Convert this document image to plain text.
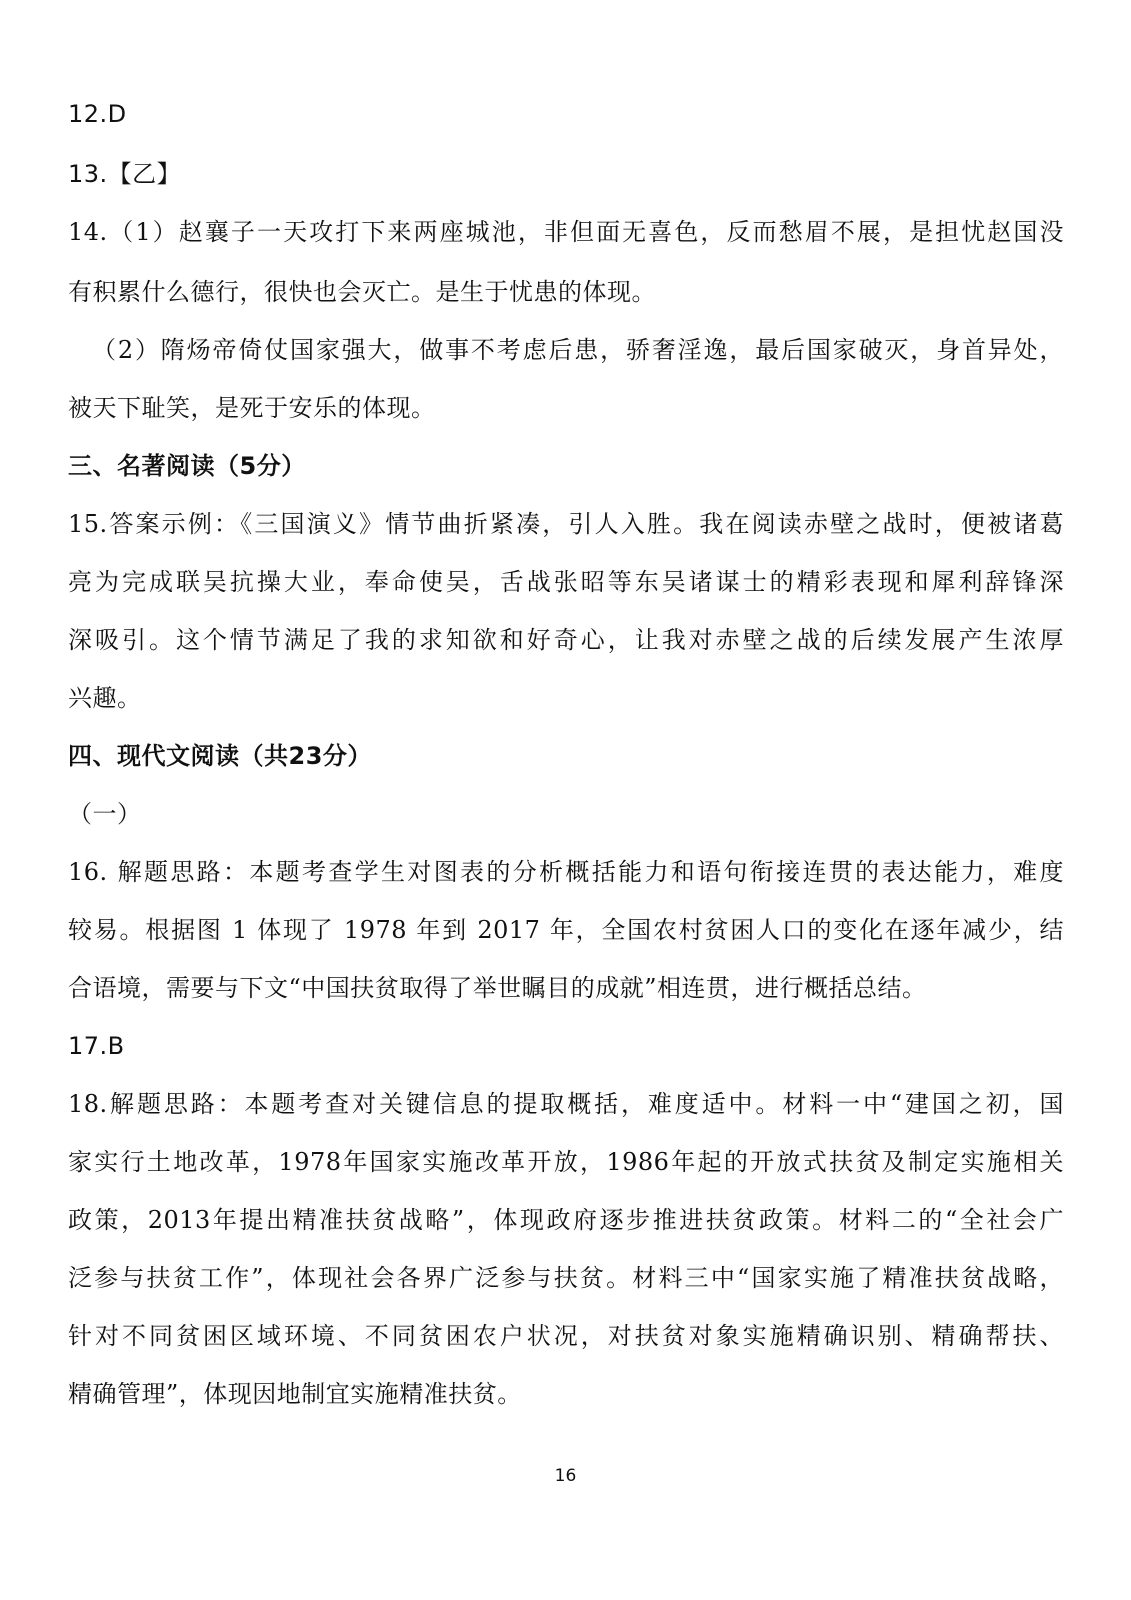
12.D
13.【乙】
14.（1）赵襄子一天攻打下来两座城池，非但面无喜色，反而愁眉不展，是担忧赵国没
有积累什么德行，很快也会灭亡。是生于忧患的体现。
（2）隋炀帝倚仗国家强大，做事不考虑后患，骄奢淫逸，最后国家破灭，身首异处，
被天下耻笑，是死于安乐的体现。
三、名著阅读（5分）
15.答案示例：《三国演义》情节曲折紧凑，引人入胜。我在阅读赤壁之战时，便被诸葛
亮为完成联吴抗操大业，奉命使吴，舌战张昭等东吴诸谋士的精彩表现和犀利辞锋深
深吸引。这个情节满足了我的求知欲和好奇心，让我对赤壁之战的后续发展产生浓厚
兴趣。
四、现代文阅读（共23分）
（一）
16. 解题思路：本题考查学生对图表的分析概括能力和语句衔接连贯的表达能力，难度
较易。根据图 1 体现了 1978 年到 2017 年，全国农村贫困人口的变化在逐年减少，结
合语境，需要与下文“中国扶贫取得了举世瞩目的成就”相连贯，进行概括总结。
17.B
18.解题思路：本题考查对关键信息的提取概括，难度适中。材料一中“建国之初，国
家实行土地改革，1978年国家实施改革开放，1986年起的开放式扶贫及制定实施相关
政策，2013年提出精准扶贫战略”，体现政府逐步推进扶贫政策。材料二的“全社会广
泛参与扶贫工作”，体现社会各界广泛参与扶贫。材料三中“国家实施了精准扶贫战略，
针对不同贫困区域环境、不同贫困农户状况，对扶贫对象实施精确识别、精确帮扶、
精确管理”，体现因地制宜实施精准扶贫。
16
